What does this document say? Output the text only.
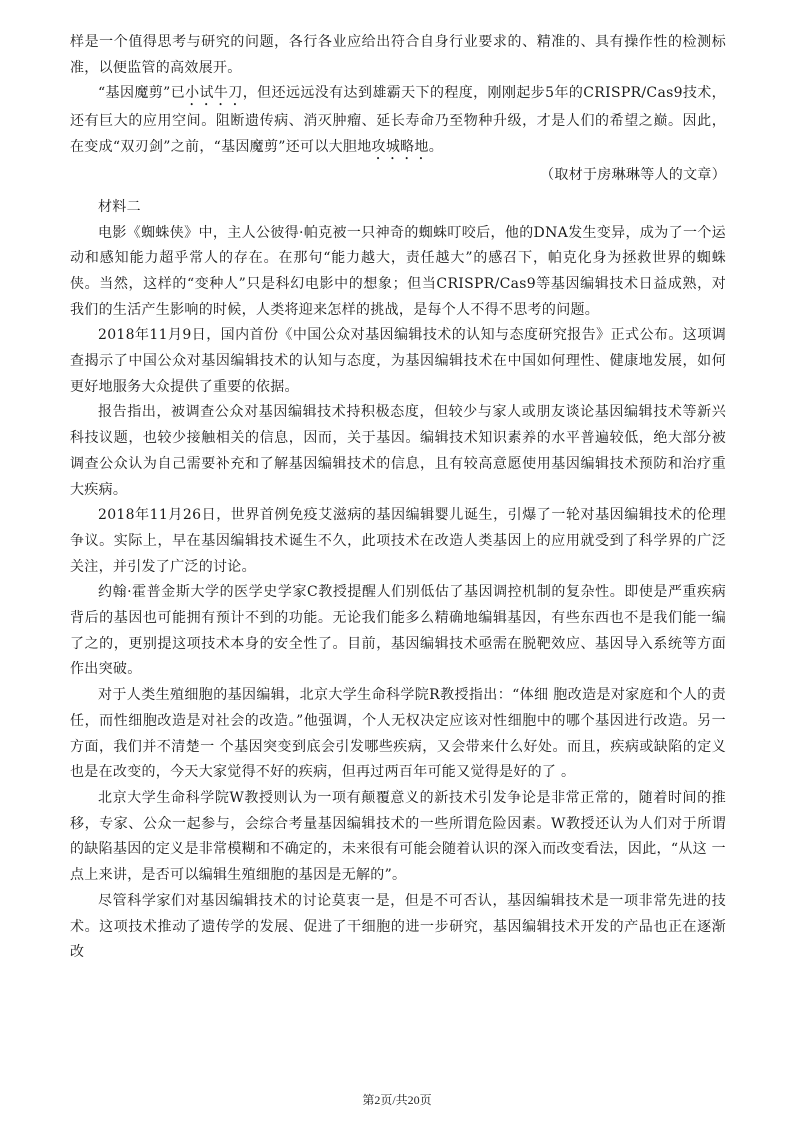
样是一个值得思考与研究的问题，各行各业应给出符合自身行业要求的、精准的、具有操作性的检测标准，以便监管的高效展开。

“基因魔剪”已小试牛刀，但还远远没有达到雄霸天下的程度，刚刚起步5年的CRISPR/Cas9技术，还有巨大的应用空间。阻断遗传病、消灭肿瘤、延长寿命乃至物种升级，才是人们的希望之巅。因此，在变成“双刃剑”之前，“基因魔剪”还可以大胆地攻城略地。

（取材于房琳琳等人的文章）

材料二

电影《蜘蛛侠》中，主人公彼得·帕克被一只神奇的蜘蛛叮咬后，他的DNA发生变异，成为了一个运动和感知能力超乎常人的存在。在那句“能力越大，责任越大”的感召下，帕克化身为拯救世界的蜘蛛侠。当然，这样的“变种人”只是科幻电影中的想象；但当CRISPR/Cas9等基因编辑技术日益成熟，对我们的生活产生影响的时候，人类将迎来怎样的挑战，是每个人不得不思考的问题。

2018年11月9日，国内首份《中国公众对基因编辑技术的认知与态度研究报告》正式公布。这项调查揭示了中国公众对基因编辑技术的认知与态度，为基因编辑技术在中国如何理性、健康地发展，如何更好地服务大众提供了重要的依据。

报告指出，被调查公众对基因编辑技术持积极态度，但较少与家人或朋友谈论基因编辑技术等新兴科技议题，也较少接触相关的信息，因而，关于基因。编辑技术知识素养的水平普遍较低，绝大部分被调查公众认为自己需要补充和了解基因编辑技术的信息，且有较高意愿使用基因编辑技术预防和治疗重大疾病。

2018年11月26日，世界首例免疫艾滋病的基因编辑婴儿诞生，引爆了一轮对基因编辑技术的伦理争议。实际上，早在基因编辑技术诞生不久，此项技术在改造人类基因上的应用就受到了科学界的广泛关注，并引发了广泛的讨论。

约翰·霍普金斯大学的医学史学家C教授提醒人们别低估了基因调控机制的复杂性。即使是严重疾病背后的基因也可能拥有预计不到的功能。无论我们能多么精确地编辑基因，有些东西也不是我们能一编了之的，更别提这项技术本身的安全性了。目前，基因编辑技术亟需在脱靶效应、基因导入系统等方面作出突破。

对于人类生殖细胞的基因编辑，北京大学生命科学院R教授指出：“体细 胞改造是对家庭和个人的责任，而性细胞改造是对社会的改造。”他强调，个人无权决定应该对性细胞中的哪个基因进行改造。另一方面，我们并不清楚一 个基因突变到底会引发哪些疾病，又会带来什么好处。而且，疾病或缺陷的定义也是在改变的，今天大家觉得不好的疾病，但再过两百年可能又觉得是好的了 。

北京大学生命科学院W教授则认为一项有颠覆意义的新技术引发争论是非常正常的，随着时间的推移，专家、公众一起参与，会综合考量基因编辑技术的一些所谓危险因素。W教授还认为人们对于所谓的缺陷基因的定义是非常模糊和不确定的，未来很有可能会随着认识的深入而改变看法，因此，“从这 一点上来讲，是否可以编辑生殖细胞的基因是无解的”。

尽管科学家们对基因编辑技术的讨论莫衷一是，但是不可否认，基因编辑技术是一项非常先进的技术。这项技术推动了遗传学的发展、促进了干细胞的进一步研究，基因编辑技术开发的产品也正在逐渐改

第2页/共20页
